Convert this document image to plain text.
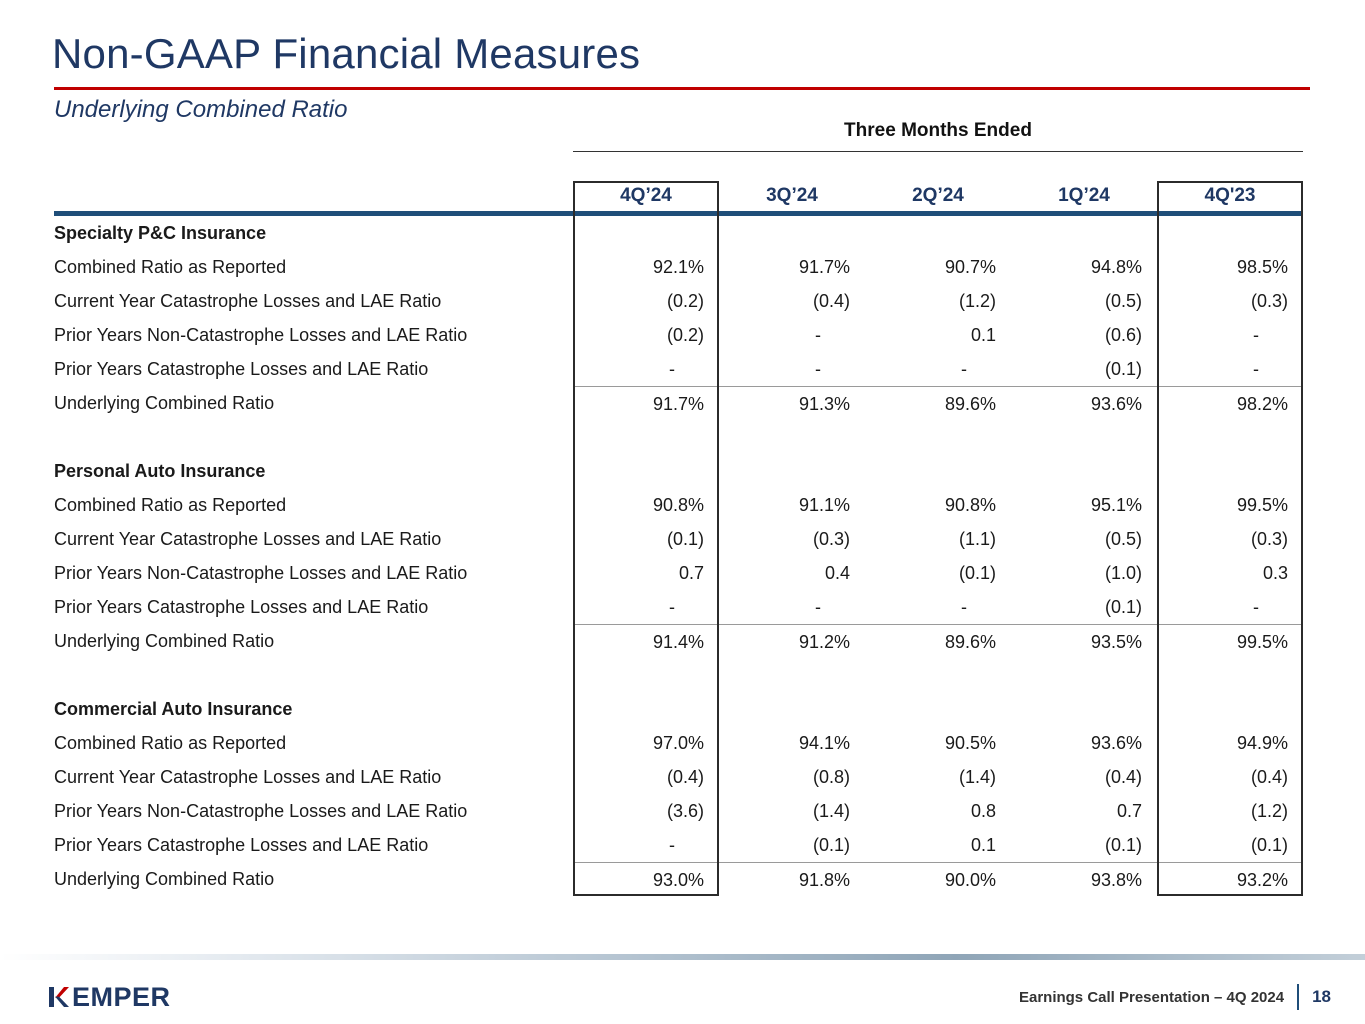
Non-GAAP Financial Measures
Underlying Combined Ratio
Three Months Ended
4Q’24	3Q’24	2Q’24	1Q’24	4Q'23
Specialty P&C Insurance
Combined Ratio as Reported	92.1%	91.7%	90.7%	94.8%	98.5%
Current Year Catastrophe Losses and LAE Ratio	(0.2)	(0.4)	(1.2)	(0.5)	(0.3)
Prior Years Non-Catastrophe Losses and LAE Ratio	(0.2)	-	0.1	(0.6)	-
Prior Years Catastrophe Losses and LAE Ratio	-	-	-	(0.1)	-
Underlying Combined Ratio	91.7%	91.3%	89.6%	93.6%	98.2%
Personal Auto Insurance
Combined Ratio as Reported	90.8%	91.1%	90.8%	95.1%	99.5%
Current Year Catastrophe Losses and LAE Ratio	(0.1)	(0.3)	(1.1)	(0.5)	(0.3)
Prior Years Non-Catastrophe Losses and LAE Ratio	0.7	0.4	(0.1)	(1.0)	0.3
Prior Years Catastrophe Losses and LAE Ratio	-	-	-	(0.1)	-
Underlying Combined Ratio	91.4%	91.2%	89.6%	93.5%	99.5%
Commercial Auto Insurance
Combined Ratio as Reported	97.0%	94.1%	90.5%	93.6%	94.9%
Current Year Catastrophe Losses and LAE Ratio	(0.4)	(0.8)	(1.4)	(0.4)	(0.4)
Prior Years Non-Catastrophe Losses and LAE Ratio	(3.6)	(1.4)	0.8	0.7	(1.2)
Prior Years Catastrophe Losses and LAE Ratio	-	(0.1)	0.1	(0.1)	(0.1)
Underlying Combined Ratio	93.0%	91.8%	90.0%	93.8%	93.2%
EMPER	Earnings Call Presentation – 4Q 2024 18
